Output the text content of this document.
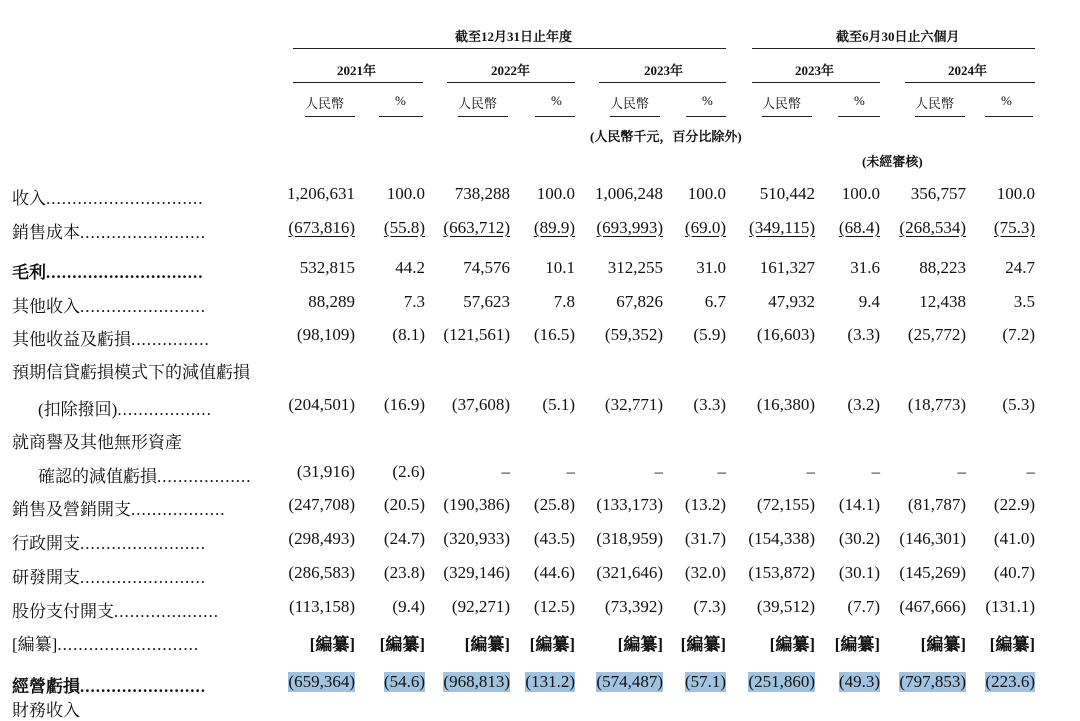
截至12月31日止年度	截至6月30日止六個月
2021年	2022年	2023年	2023年	2024年
人民幣	%	人民幣	%	人民幣	%	人民幣	%	人民幣	%
(人民幣千元，百分比除外)
(未經審核)
收入..............................	1,206,631 100.0 738,288 100.0 1,006,248 100.0 510,442 100.0 356,757 100.0
銷售成本........................	(673,816) (55.8) (663,712) (89.9) (693,993) (69.0) (349,115) (68.4) (268,534) (75.3)
毛利..............................	532,815 44.2 74,576 10.1 312,255 31.0 161,327 31.6 88,223 24.7
其他收入........................	88,289	7.3 57,623	7.8 67,826 6.7 47,932	9.4 12,438	3.5
其他收益及虧損...............	(98,109) (8.1) (121,561) (16.5) (59,352) (5.9) (16,603) (3.3) (25,772) (7.2)
預期信貸虧損模式下的減值虧損
(扣除撥回)..................	(204,501) (16.9) (37,608) (5.1) (32,771) (3.3) (16,380) (3.2) (18,773) (5.3)
就商譽及其他無形資產
確認的減值虧損..................	(31,916) (2.6)	–	–	–	–	–	–	–	–
銷售及營銷開支..................	(247,708) (20.5) (190,386) (25.8) (133,173) (13.2) (72,155) (14.1) (81,787) (22.9)
行政開支........................	(298,493) (24.7) (320,933) (43.5) (318,959) (31.7) (154,338) (30.2) (146,301) (41.0)
研發開支........................	(286,583) (23.8) (329,146) (44.6) (321,646) (32.0) (153,872) (30.1) (145,269) (40.7)
股份支付開支....................	(113,158) (9.4) (92,271) (12.5) (73,392) (7.3) (39,512) (7.7) (467,666) (131.1)
[編纂]...........................	[編纂] [編纂] [編纂] [編纂]	[編纂] [編纂]	[編纂] [編纂] [編纂] [編纂]
經營虧損........................	(659,364) (54.6) (968,813) (131.2) (574,487) (57.1) (251,860) (49.3) (797,853) (223.6)
財務收入
